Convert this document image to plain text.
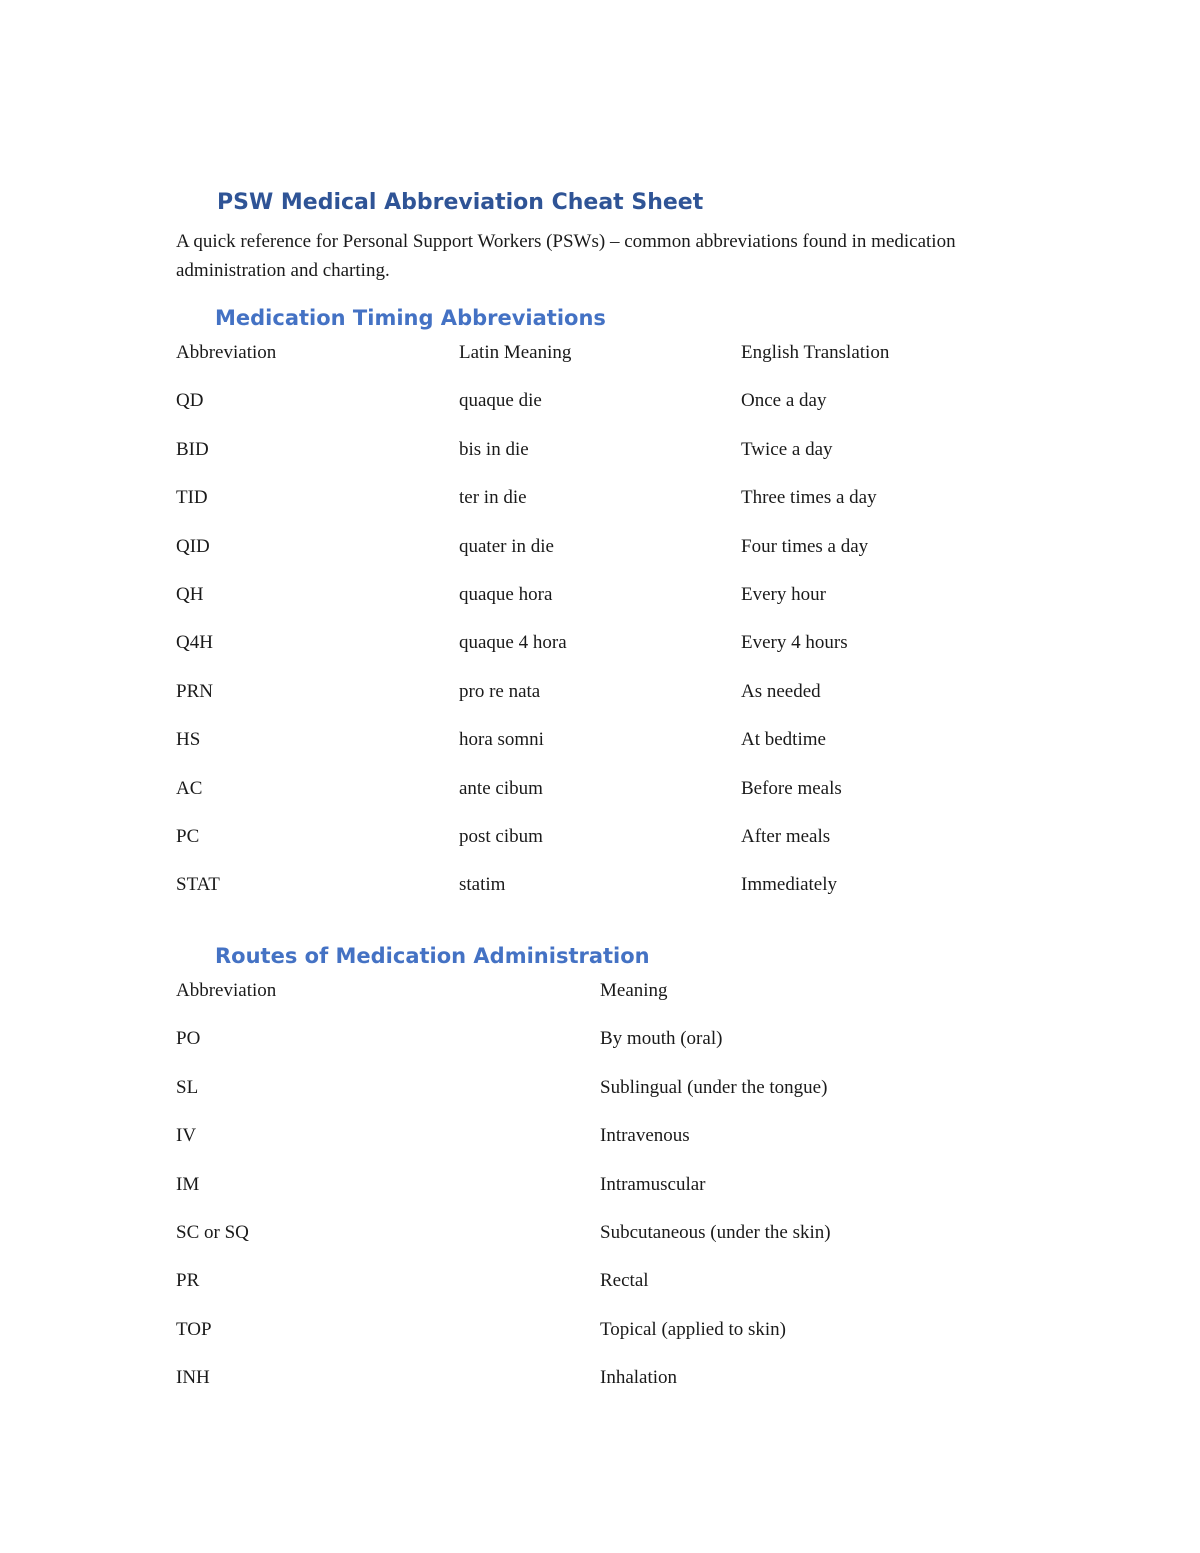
PSW Medical Abbreviation Cheat Sheet

A quick reference for Personal Support Workers (PSWs) – common abbreviations found in medication administration and charting.

Medication Timing Abbreviations
Abbreviation	Latin Meaning	English Translation
QD	quaque die	Once a day
BID	bis in die	Twice a day
TID	ter in die	Three times a day
QID	quater in die	Four times a day
QH	quaque hora	Every hour
Q4H	quaque 4 hora	Every 4 hours
PRN	pro re nata	As needed
HS	hora somni	At bedtime
AC	ante cibum	Before meals
PC	post cibum	After meals
STAT	statim	Immediately
Routes of Medication Administration
Abbreviation	Meaning
PO	By mouth (oral)
SL	Sublingual (under the tongue)
IV	Intravenous
IM	Intramuscular
SC or SQ	Subcutaneous (under the skin)
PR	Rectal
TOP	Topical (applied to skin)
INH	Inhalation
